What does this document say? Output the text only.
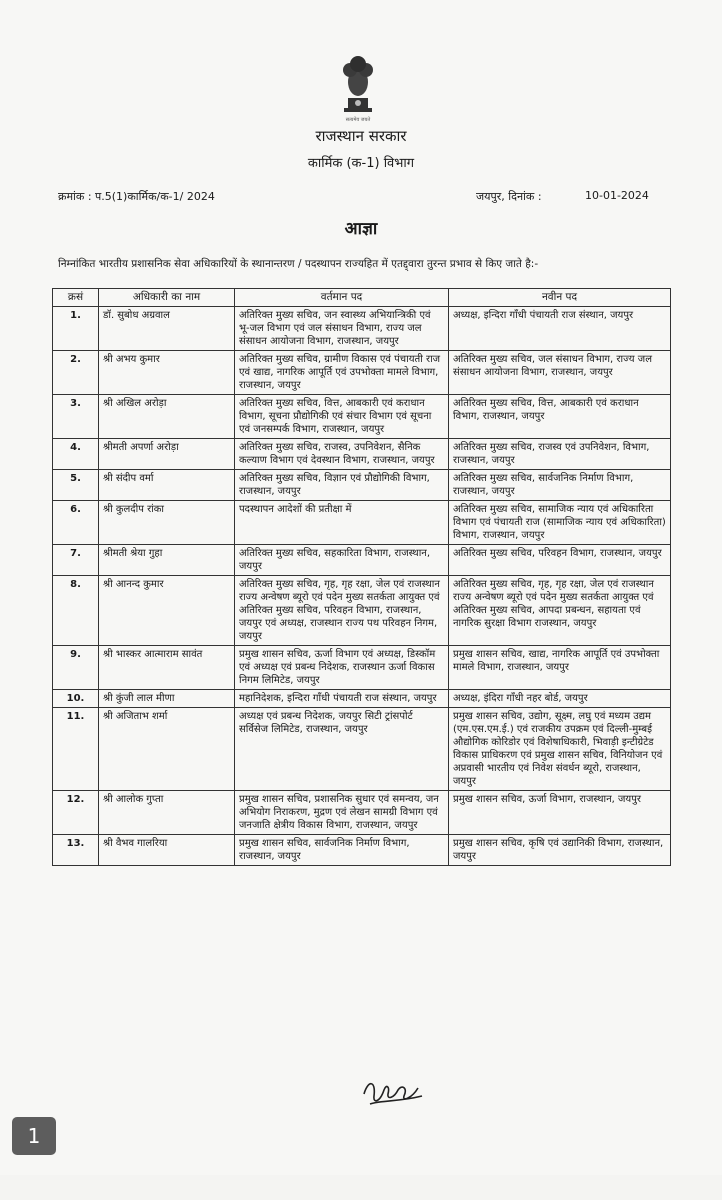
सत्यमेव जयते
राजस्थान सरकार
कार्मिक (क-1) विभाग
क्रमांक : प.5(1)कार्मिक/क-1/ 2024	जयपुर, दिनांक :	10-01-2024
आज्ञा
निम्नांकित भारतीय प्रशासनिक सेवा अधिकारियों के स्थानान्तरण / पदस्थापन राज्यहित में एतद्द्वारा तुरन्त प्रभाव से किए जाते है:-
क्रसं	अधिकारी का नाम	वर्तमान पद	नवीन पद
1.	डॉ. सुबोध अग्रवाल	अतिरिक्त मुख्य सचिव, जन स्वास्थ्य अभियान्त्रिकी एवं भू-जल विभाग एवं जल संसाधन विभाग, राज्य जल संसाधन आयोजना विभाग, राजस्थान, जयपुर	अध्यक्ष, इन्दिरा गाँधी पंचायती राज संस्थान, जयपुर
2.	श्री अभय कुमार	अतिरिक्त मुख्य सचिव, ग्रामीण विकास एवं पंचायती राज एवं खाद्य, नागरिक आपूर्ति एवं उपभोक्ता मामले विभाग, राजस्थान, जयपुर	अतिरिक्त मुख्य सचिव, जल संसाधन विभाग, राज्य जल संसाधन आयोजना विभाग, राजस्थान, जयपुर
3.	श्री अखिल अरोड़ा	अतिरिक्त मुख्य सचिव, वित्त, आबकारी एवं कराधान विभाग, सूचना प्रौद्योगिकी एवं संचार विभाग एवं सूचना एवं जनसम्पर्क विभाग, राजस्थान, जयपुर	अतिरिक्त मुख्य सचिव, वित्त, आबकारी एवं कराधान विभाग, राजस्थान, जयपुर
4.	श्रीमती अपर्णा अरोड़ा	अतिरिक्त मुख्य सचिव, राजस्व, उपनिवेशन, सैनिक कल्याण विभाग एवं देवस्थान विभाग, राजस्थान, जयपुर	अतिरिक्त मुख्य सचिव, राजस्व एवं उपनिवेशन, विभाग, राजस्थान, जयपुर
5.	श्री संदीप वर्मा	अतिरिक्त मुख्य सचिव, विज्ञान एवं प्रौद्योगिकी विभाग, राजस्थान, जयपुर	अतिरिक्त मुख्य सचिव, सार्वजनिक निर्माण विभाग, राजस्थान, जयपुर
6.	श्री कुलदीप रांका	पदस्थापन आदेशों की प्रतीक्षा में	अतिरिक्त मुख्य सचिव, सामाजिक न्याय एवं अधिकारिता विभाग एवं पंचायती राज (सामाजिक न्याय एवं अधिकारिता) विभाग, राजस्थान, जयपुर
7.	श्रीमती श्रेया गुहा	अतिरिक्त मुख्य सचिव, सहकारिता विभाग, राजस्थान, जयपुर	अतिरिक्त मुख्य सचिव, परिवहन विभाग, राजस्थान, जयपुर
8.	श्री आनन्द कुमार	अतिरिक्त मुख्य सचिव, गृह, गृह रक्षा, जेल एवं राजस्थान राज्य अन्वेषण ब्यूरो एवं पदेन मुख्य सतर्कता आयुक्त एवं अतिरिक्त मुख्य सचिव, परिवहन विभाग, राजस्थान, जयपुर एवं अध्यक्ष, राजस्थान राज्य पथ परिवहन निगम, जयपुर	अतिरिक्त मुख्य सचिव, गृह, गृह रक्षा, जेल एवं राजस्थान राज्य अन्वेषण ब्यूरो एवं पदेन मुख्य सतर्कता आयुक्त एवं अतिरिक्त मुख्य सचिव, आपदा प्रबन्धन, सहायता एवं नागरिक सुरक्षा विभाग राजस्थान, जयपुर
9.	श्री भास्कर आत्माराम सावंत	प्रमुख शासन सचिव, ऊर्जा विभाग एवं अध्यक्ष, डिस्कॉम एवं अध्यक्ष एवं प्रबन्ध निदेशक, राजस्थान ऊर्जा विकास निगम लिमिटेड, जयपुर	प्रमुख शासन सचिव, खाद्य, नागरिक आपूर्ति एवं उपभोक्ता मामले विभाग, राजस्थान, जयपुर
10.	श्री कुंजी लाल मीणा	महानिदेशक, इन्दिरा गाँधी पंचायती राज संस्थान, जयपुर	अध्यक्ष, इंदिरा गाँधी नहर बोर्ड, जयपुर
11.	श्री अजिताभ शर्मा	अध्यक्ष एवं प्रबन्ध निदेशक, जयपुर सिटी ट्रांसपोर्ट सर्विसेज लिमिटेड, राजस्थान, जयपुर	प्रमुख शासन सचिव, उद्योग, सूक्ष्म, लघु एवं मध्यम उद्यम (एम.एस.एम.ई.) एवं राजकीय उपक्रम एवं दिल्ली-मुम्बई औद्योगिक कोरिडोर एवं विशेषाधिकारी, भिवाड़ी इन्टीग्रेटेड विकास प्राधिकरण एवं प्रमुख शासन सचिव, विनियोजन एवं अप्रवासी भारतीय एवं निवेश संवर्धन ब्यूरो, राजस्थान, जयपुर
12.	श्री आलोक गुप्ता	प्रमुख शासन सचिव, प्रशासनिक सुधार एवं समन्वय, जन अभियोग निराकरण, मुद्रण एवं लेखन सामग्री विभाग एवं जनजाति क्षेत्रीय विकास विभाग, राजस्थान, जयपुर	प्रमुख शासन सचिव, ऊर्जा विभाग, राजस्थान, जयपुर
13.	श्री वैभव गालरिया	प्रमुख शासन सचिव, सार्वजनिक निर्माण विभाग, राजस्थान, जयपुर	प्रमुख शासन सचिव, कृषि एवं उद्यानिकी विभाग, राजस्थान, जयपुर
1
